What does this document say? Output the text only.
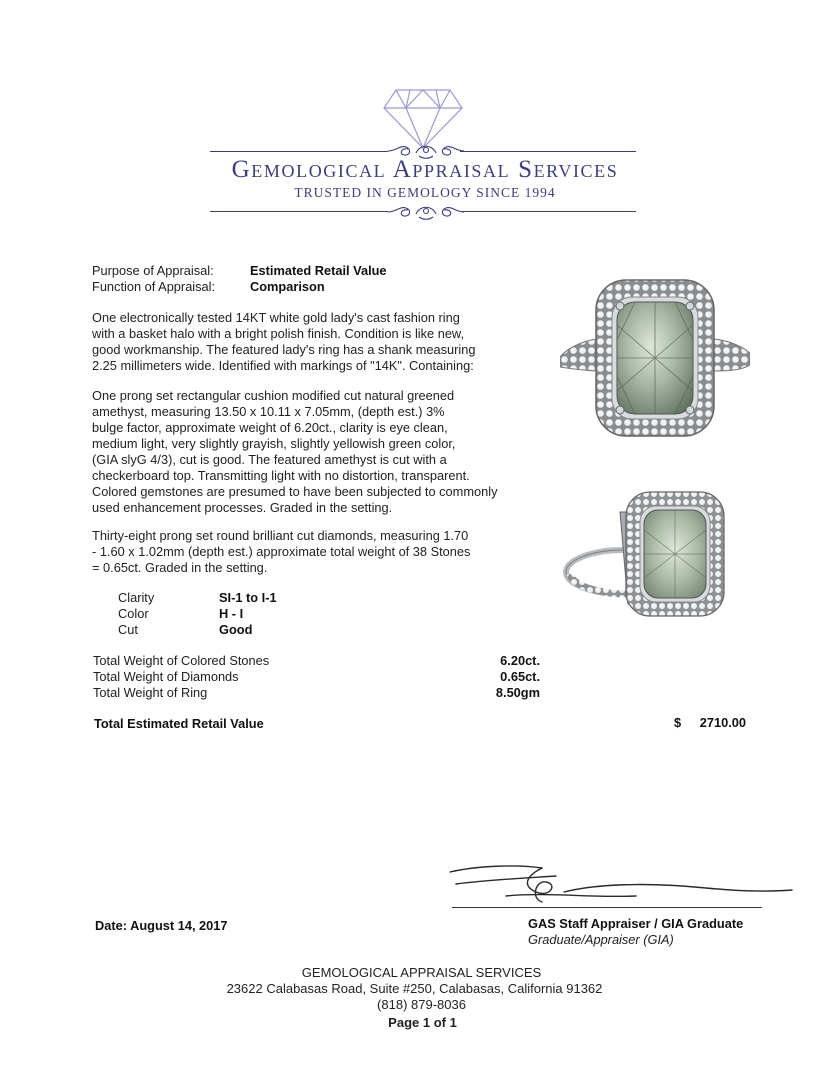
Gemological Appraisal Services
TRUSTED IN GEMOLOGY SINCE 1994
Purpose of Appraisal:	Estimated Retail Value
Function of Appraisal:	Comparison
One electronically tested 14KT white gold lady's cast fashion ring
with a basket halo with a bright polish finish. Condition is like new,
good workmanship. The featured lady's ring has a shank measuring
2.25 millimeters wide. Identified with markings of "14K". Containing:
One prong set rectangular cushion modified cut natural greened
amethyst, measuring 13.50 x 10.11 x 7.05mm, (depth est.) 3%
bulge factor, approximate weight of 6.20ct., clarity is eye clean,
medium light, very slightly grayish, slightly yellowish green color,
(GIA slyG 4/3), cut is good. The featured amethyst is cut with a
checkerboard top. Transmitting light with no distortion, transparent.
Colored gemstones are presumed to have been subjected to commonly
used enhancement processes. Graded in the setting.
Thirty-eight prong set round brilliant cut diamonds, measuring 1.70
- 1.60 x 1.02mm (depth est.) approximate total weight of 38 Stones
= 0.65ct. Graded in the setting.
Clarity	SI-1 to I-1
Color	H - I
Cut	Good
Total Weight of Colored Stones	6.20ct.
Total Weight of Diamonds	0.65ct.
Total Weight of Ring	8.50gm
Total Estimated Retail Value	$	2710.00
Date: August 14, 2017	GAS Staff Appraiser / GIA Graduate
Graduate/Appraiser (GIA)
GEMOLOGICAL APPRAISAL SERVICES
23622 Calabasas Road, Suite #250, Calabasas, California 91362
(818) 879-8036
Page 1 of 1
